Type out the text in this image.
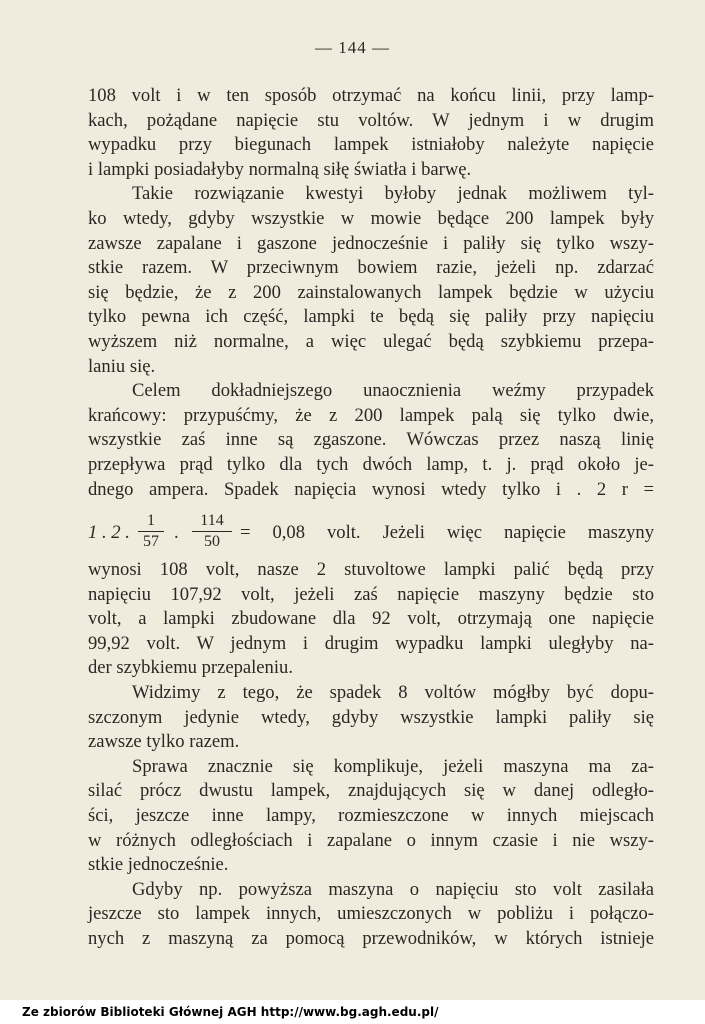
— 144 —
108 volt i w ten sposób otrzymać na końcu linii, przy lamp-
kach, pożądane napięcie stu voltów. W jednym i w drugim
wypadku przy biegunach lampek istniałoby należyte napięcie
i lampki posiadałyby normalną siłę światła i barwę.
Takie rozwiązanie kwestyi byłoby jednak możliwem tyl-
ko wtedy, gdyby wszystkie w mowie będące 200 lampek były
zawsze zapalane i gaszone jednocześnie i paliły się tylko wszy-
stkie razem. W przeciwnym bowiem razie, jeżeli np. zdarzać
się będzie, że z 200 zainstalowanych lampek będzie w użyciu
tylko pewna ich część, lampki te będą się paliły przy napięciu
wyższem niż normalne, a więc ulegać będą szybkiemu przepa-
laniu się.
Celem dokładniejszego unaocznienia weźmy przypadek
krańcowy: przypuśćmy, że z 200 lampek palą się tylko dwie,
wszystkie zaś inne są zgaszone. Wówczas przez naszą linię
przepływa prąd tylko dla tych dwóch lamp, t. j. prąd około je-
dnego ampera. Spadek napięcia wynosi wtedy tylko i . 2 r =
1 . 2 .
1
57 .
114
50	= 0,08 volt. Jeżeli więc napięcie maszyny
wynosi 108 volt, nasze 2 stuvoltowe lampki palić będą przy
napięciu 107,92 volt, jeżeli zaś napięcie maszyny będzie sto
volt, a lampki zbudowane dla 92 volt, otrzymają one napięcie
99,92 volt. W jednym i drugim wypadku lampki uległyby na-
der szybkiemu przepaleniu.
Widzimy z tego, że spadek 8 voltów mógłby być dopu-
szczonym jedynie wtedy, gdyby wszystkie lampki paliły się
zawsze tylko razem.
Sprawa znacznie się komplikuje, jeżeli maszyna ma za-
silać prócz dwustu lampek, znajdujących się w danej odległo-
ści, jeszcze inne lampy, rozmieszczone w innych miejscach
w różnych odległościach i zapalane o innym czasie i nie wszy-
stkie jednocześnie.
Gdyby np. powyższa maszyna o napięciu sto volt zasilała
jeszcze sto lampek innych, umieszczonych w pobliżu i połączo-
nych z maszyną za pomocą przewodników, w których istnieje
Ze zbiorów Biblioteki Głównej AGH http://www.bg.agh.edu.pl/
